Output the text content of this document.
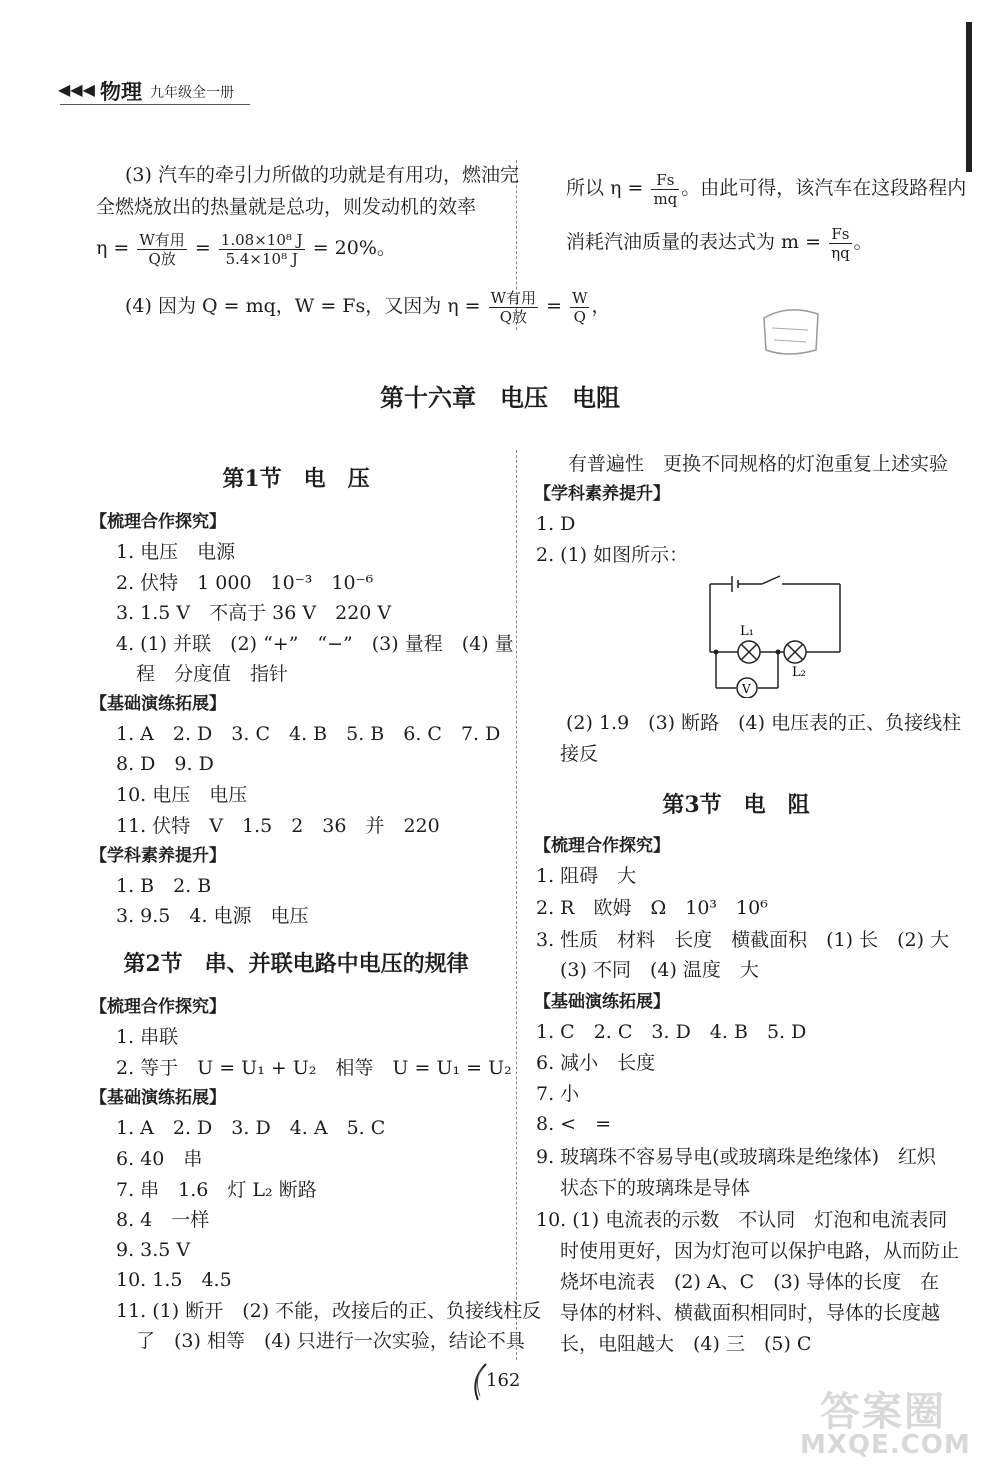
◀◀◀ 物理 九年级全一册
(3) 汽车的牵引力所做的功就是有用功，燃油完
全燃烧放出的热量就是总功，则发动机的效率
$\eta = \frac{\text{W有用}}{\text{Q放}} = \frac{\text{1.08×10⁸ J}}{\text{5.4×10⁸ J}} = 20\%$。
(4) 因为 Q = mq，W = Fs，又因为 $\eta = \frac{\text{W有用}}{\text{Q放}} = \frac{W}{Q}$ ，
所以 $\eta = \frac{Fs}{mq}$ 。由此可得，该汽车在这段路程内
消耗汽油质量的表达式为 $m = \frac{Fs}{\eta q}$ 。
第十六章　电压　电阻
第1节　电　压
【梳理合作探究】
1. 电压　电源
2. 伏特　1 000　10⁻³　10⁻⁶
3. 1.5 V　不高于 36 V　220 V
4. (1) 并联　(2) “+”　“−”　(3) 量程　(4) 量
程　分度值　指针
【基础演练拓展】
1. A　2. D　3. C　4. B　5. B　6. C　7. D
8. D　9. D
10. 电压　电压
11. 伏特　V　1.5　2　36　并　220
【学科素养提升】
1. B　2. B
3. 9.5　4. 电源　电压
第2节　串、并联电路中电压的规律
【梳理合作探究】
1. 串联
2. 等于　U = U₁ + U₂　相等　U = U₁ = U₂
【基础演练拓展】
1. A　2. D　3. D　4. A　5. C
6. 40　串
7. 串　1.6　灯 L₂ 断路
8. 4　一样
9. 3.5 V
10. 1.5　4.5
11. (1) 断开　(2) 不能，改接后的正、负接线柱反
了　(3) 相等　(4) 只进行一次实验，结论不具
有普遍性　更换不同规格的灯泡重复上述实验
【学科素养提升】
1. D
2. (1) 如图所示：
L₁
L₂
V
(2) 1.9　(3) 断路　(4) 电压表的正、负接线柱
接反
第3节　电　阻
【梳理合作探究】
1. 阻碍　大
2. R　欧姆　Ω　10³　10⁶
3. 性质　材料　长度　横截面积　(1) 长　(2) 大
(3) 不同　(4) 温度　大
【基础演练拓展】
1. C　2. C　3. D　4. B　5. D
6. 减小　长度
7. 小
8. <　=
9. 玻璃珠不容易导电(或玻璃珠是绝缘体)　红炽
状态下的玻璃珠是导体
10. (1) 电流表的示数　不认同　灯泡和电流表同
时使用更好，因为灯泡可以保护电路，从而防止
烧坏电流表　(2) A、C　(3) 导体的长度　在
导体的材料、横截面积相同时，导体的长度越
长，电阻越大　(4) 三　(5) C
162
答案圈
MXQE.COM
